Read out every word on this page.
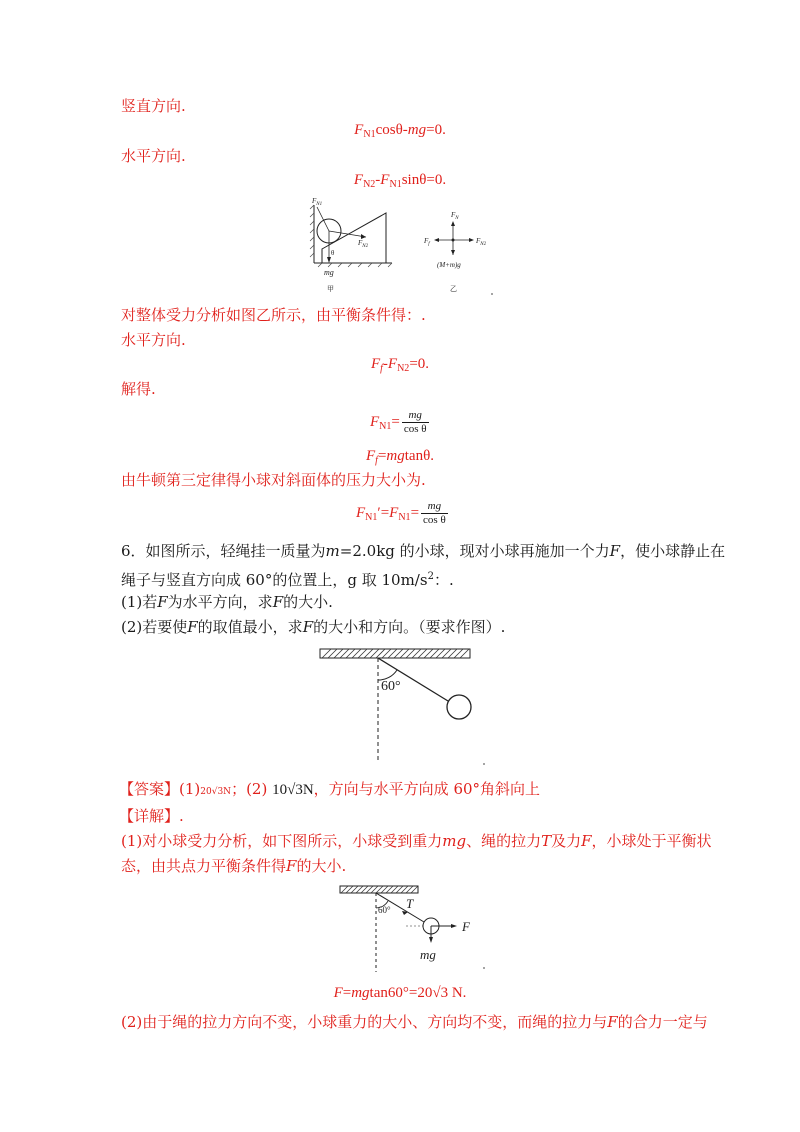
竖直方向.
$F_{N1}\cos\theta-mg=0$.
水平方向.
$F_{N2}-F_{N1}\sin\theta=0$.
$F_{N1}$
$F_{N2}$
θ
mg
甲
$F_N$
$F_f$	$F_{N2}$
(M+m)g
乙
对整体受力分析如图乙所示，由平衡条件得：.
水平方向.
$F_f-F_{N2}=0$.
解得.
$F_{N1}= \frac{mg}{\text{cos θ}}$
$F_f=mgtan\theta$.
由牛顿第三定律得小球对斜面体的压力大小为.
$F_{N1}'=F_{N1}= \frac{mg}{\text{cos θ}}$
6．如图所示，轻绳挂一质量为m=2.0kg 的小球，现对小球再施加一个力F，使小球静止在
绳子与竖直方向成 60°的位置上，g 取 $10m/s^2$：.
(1)若F为水平方向，求F的大小.
(2)若要使F的取值最小，求F的大小和方向。（要求作图）.
60°
【答案】(1)20√3N；(2) 10√3N，方向与水平方向成 60°角斜向上
【详解】.
(1)对小球受力分析，如下图所示，小球受到重力mg、绳的拉力T及力F，小球处于平衡状
态，由共点力平衡条件得F的大小.
60° T
F
mg
F=mgtan60°=20√3 N.
(2)由于绳的拉力方向不变，小球重力的大小、方向均不变，而绳的拉力与F的合力一定与
